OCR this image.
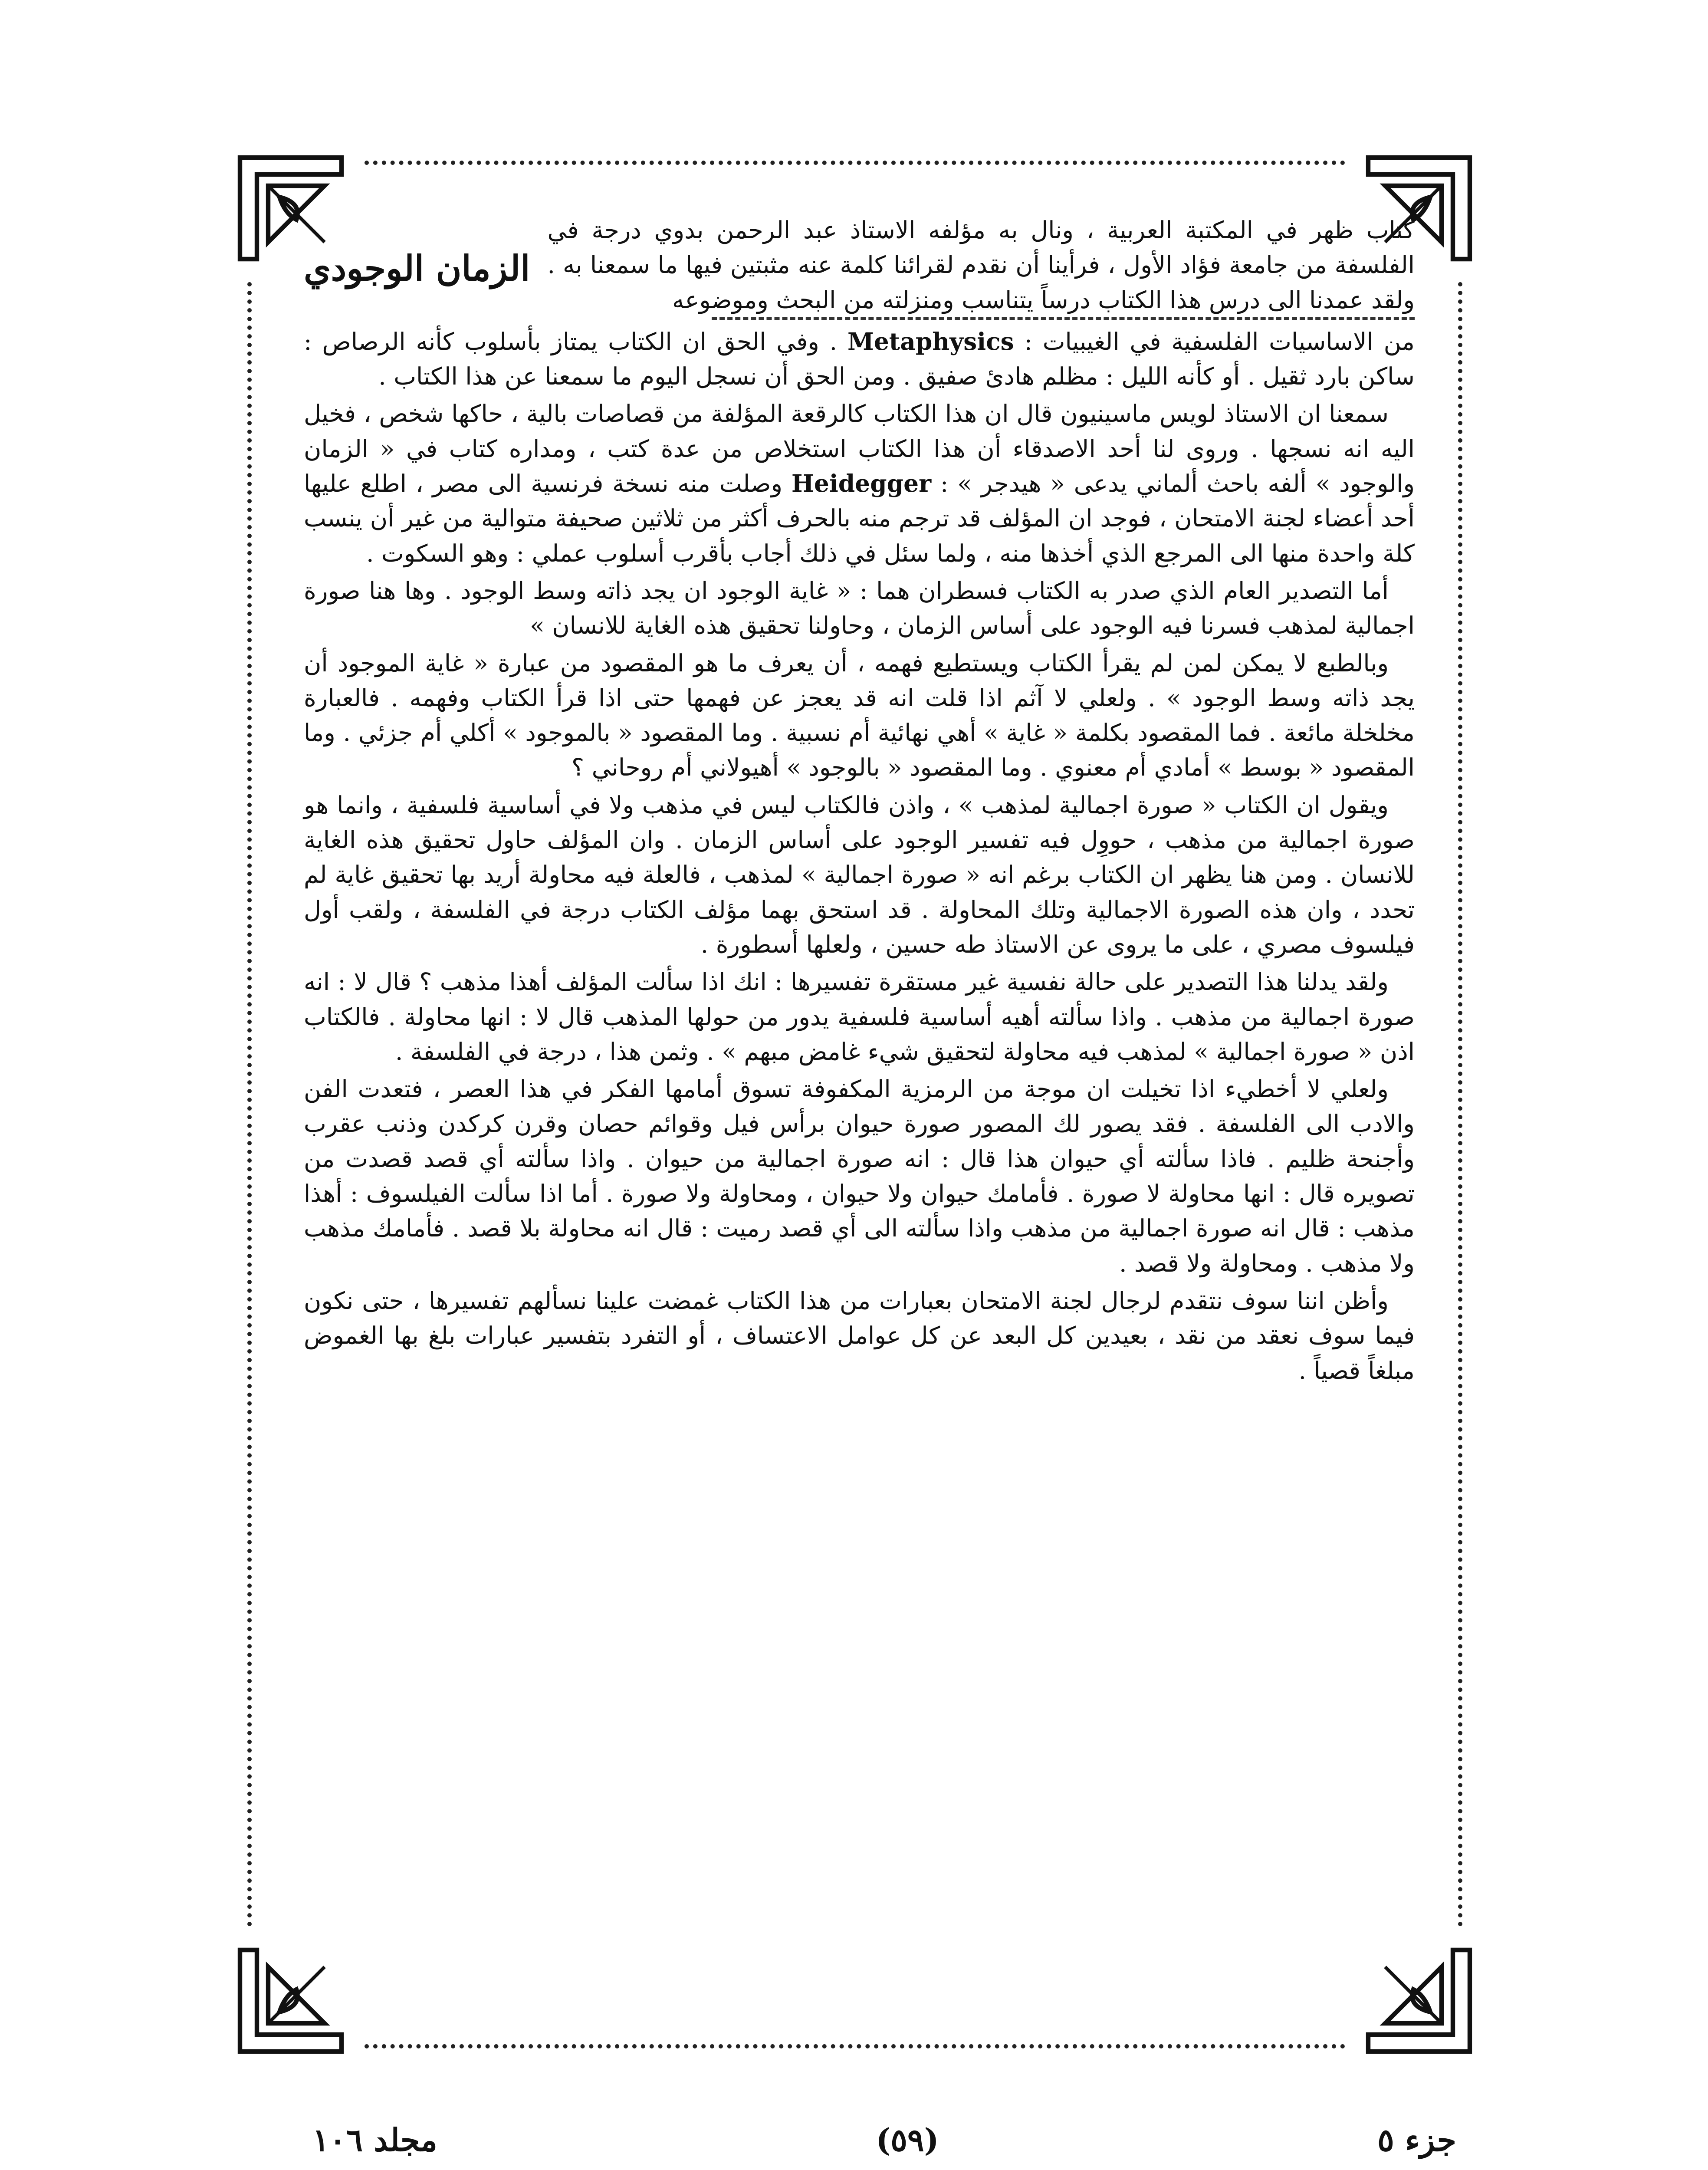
كتاب ظهر في المكتبة العربية ، ونال به مؤلفه الاستاذ عبد الرحمن بدوي درجة في الفلسفة من جامعة فؤاد الأول ، فرأينا أن نقدم لقرائنا كلمة عنه مثبتين فيها ما سمعنا به . ولقد عمدنا الى درس هذا الكتاب درساً يتناسب ومنزلته من البحث وموضوعه
الزمان الوجودي

من الاساسيات الفلسفية في الغيبيات : Metaphysics . وفي الحق ان الكتاب يمتاز بأسلوب كأنه الرصاص : ساكن بارد ثقيل . أو كأنه الليل : مظلم هادئ صفيق . ومن الحق أن نسجل اليوم ما سمعنا عن هذا الكتاب .

سمعنا ان الاستاذ لويس ماسينيون قال ان هذا الكتاب كالرقعة المؤلفة من قصاصات بالية ، حاكها شخص ، فخيل اليه انه نسجها . وروى لنا أحد الاصدقاء أن هذا الكتاب استخلاص من عدة كتب ، ومداره كتاب في « الزمان والوجود » ألفه باحث ألماني يدعى « هيدجر » : Heidegger وصلت منه نسخة فرنسية الى مصر ، اطلع عليها أحد أعضاء لجنة الامتحان ، فوجد ان المؤلف قد ترجم منه بالحرف أكثر من ثلاثين صحيفة متوالية من غير أن ينسب كلة واحدة منها الى المرجع الذي أخذها منه ، ولما سئل في ذلك أجاب بأقرب أسلوب عملي : وهو السكوت .

أما التصدير العام الذي صدر به الكتاب فسطران هما : « غاية الوجود ان يجد ذاته وسط الوجود . وها هنا صورة اجمالية لمذهب فسرنا فيه الوجود على أساس الزمان ، وحاولنا تحقيق هذه الغاية للانسان »

وبالطبع لا يمكن لمن لم يقرأ الكتاب ويستطيع فهمه ، أن يعرف ما هو المقصود من عبارة « غاية الموجود أن يجد ذاته وسط الوجود » . ولعلي لا آثم اذا قلت انه قد يعجز عن فهمها حتى اذا قرأ الكتاب وفهمه . فالعبارة مخلخلة مائعة . فما المقصود بكلمة « غاية » أهي نهائية أم نسبية . وما المقصود « بالموجود » أكلي أم جزئي . وما المقصود « بوسط » أمادي أم معنوي . وما المقصود « بالوجود » أهيولاني أم روحاني ؟

ويقول ان الكتاب « صورة اجمالية لمذهب » ، واذن فالكتاب ليس في مذهب ولا في أساسية فلسفية ، وانما هو صورة اجمالية من مذهب ، حووِل فيه تفسير الوجود على أساس الزمان . وان المؤلف حاول تحقيق هذه الغاية للانسان . ومن هنا يظهر ان الكتاب برغم انه « صورة اجمالية » لمذهب ، فالعلة فيه محاولة أريد بها تحقيق غاية لم تحدد ، وان هذه الصورة الاجمالية وتلك المحاولة . قد استحق بهما مؤلف الكتاب درجة في الفلسفة ، ولقب أول فيلسوف مصري ، على ما يروى عن الاستاذ طه حسين ، ولعلها أسطورة .

ولقد يدلنا هذا التصدير على حالة نفسية غير مستقرة تفسيرها : انك اذا سألت المؤلف أهذا مذهب ؟ قال لا : انه صورة اجمالية من مذهب . واذا سألته أهيه أساسية فلسفية يدور من حولها المذهب قال لا : انها محاولة . فالكتاب اذن « صورة اجمالية » لمذهب فيه محاولة لتحقيق شيء غامض مبهم » . وثمن هذا ، درجة في الفلسفة .

ولعلي لا أخطيء اذا تخيلت ان موجة من الرمزية المكفوفة تسوق أمامها الفكر في هذا العصر ، فتعدت الفن والادب الى الفلسفة . فقد يصور لك المصور صورة حيوان برأس فيل وقوائم حصان وقرن كركدن وذنب عقرب وأجنحة ظليم . فاذا سألته أي حيوان هذا قال : انه صورة اجمالية من حيوان . واذا سألته أي قصد قصدت من تصويره قال : انها محاولة لا صورة . فأمامك حيوان ولا حيوان ، ومحاولة ولا صورة . أما اذا سألت الفيلسوف : أهذا مذهب : قال انه صورة اجمالية من مذهب واذا سألته الى أي قصد رميت : قال انه محاولة بلا قصد . فأمامك مذهب ولا مذهب . ومحاولة ولا قصد .

وأظن اننا سوف نتقدم لرجال لجنة الامتحان بعبارات من هذا الكتاب غمضت علينا نسألهم تفسيرها ، حتى نكون فيما سوف نعقد من نقد ، بعيدين كل البعد عن كل عوامل الاعتساف ، أو التفرد بتفسير عبارات بلغ بها الغموض مبلغاً قصياً .

جزء ٥
(٥٩)
مجلد ١٠٦
